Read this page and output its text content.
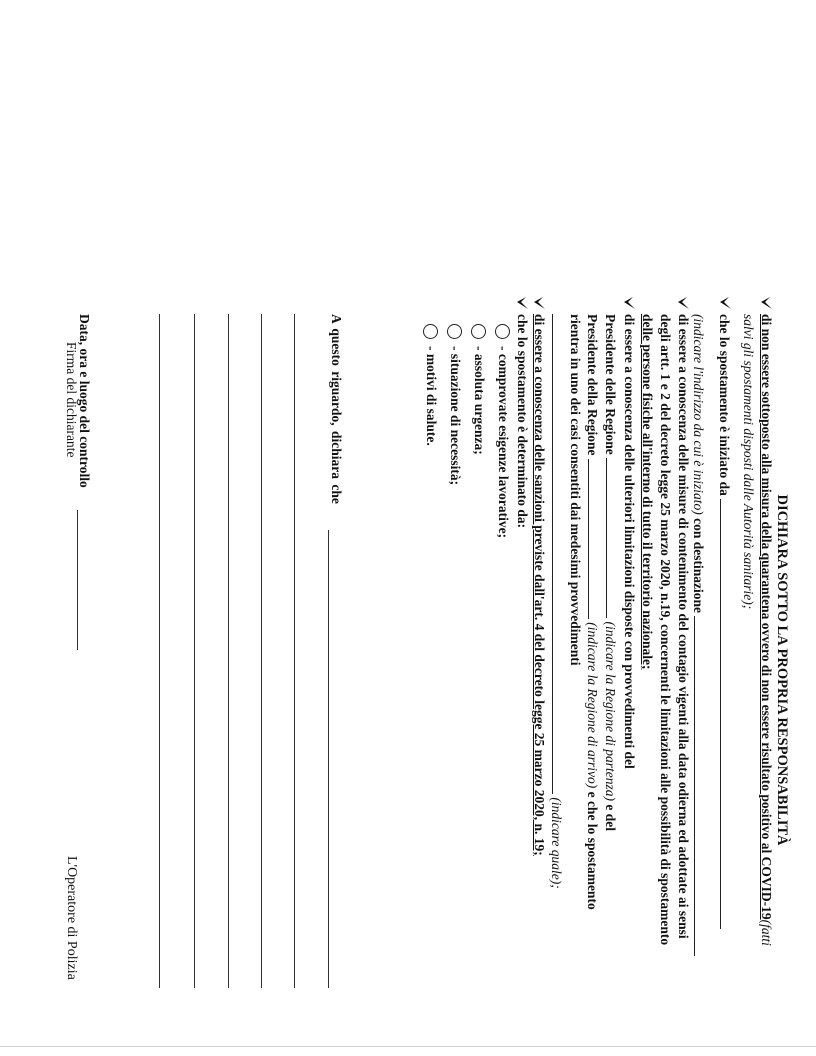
DICHIARA SOTTO LA PROPRIA RESPONSABILITÀ
di non essere sottoposto alla misura della quarantena ovvero di non essere risultato positivo al COVID-19(fatti
salvi gli spostamenti disposti dalle Autorità sanitarie);
che lo spostamento è iniziato da
(indicare l'indirizzo da cui è iniziato) con destinazione
di essere a conoscenza delle misure di contenimento del contagio vigenti alla data odierna ed adottate ai sensi
degli artt. 1 e 2 del decreto legge 25 marzo 2020, n.19, concernenti le limitazioni alle possibilità di spostamento
delle persone fisiche all'interno di tutto il territorio nazionale;
di essere a conoscenza delle ulteriori limitazioni disposte con provvedimenti del
Presidente delle Regione  (indicare la Regione di partenza) e del
Presidente della Regione  (indicare la Regione di arrivo) e che lo spostamento
rientra in uno dei casi consentiti dai medesimi provvedimenti
(indicare quale);
di essere a conoscenza delle sanzioni previste dall'art. 4 del decreto legge 25 marzo 2020, n. 19;
che lo spostamento è determinato da:
- comprovate esigenze lavorative;
- assoluta urgenza;
- situazione di necessità;
- motivi di salute.
A questo riguardo, dichiara che
Data, ora e luogo del controllo
Firma del dichiarante
L'Operatore di Polizia
